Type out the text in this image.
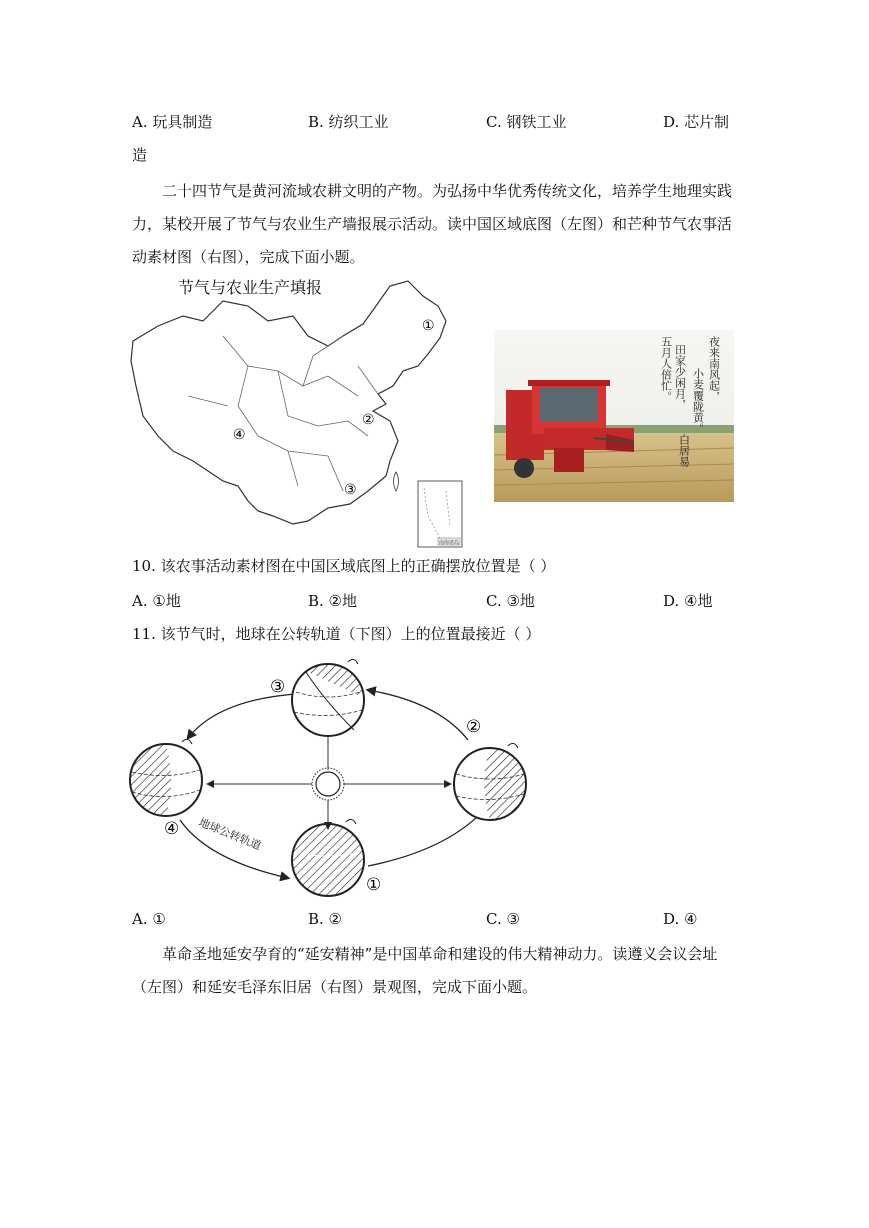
A. 玩具制造	B. 纺织工业	C. 钢铁工业	D. 芯片制
造
二十四节气是黄河流域农耕文明的产物。为弘扬中华优秀传统文化，培养学生地理实践
力，某校开展了节气与农业生产墙报展示活动。读中国区域底图（左图）和芒种节气农事活
动素材图（右图），完成下面小题。
节气与农业生产填报
①
②
③
④
南海诸岛
田家少闲月，
五月人倍忙。	夜来南风起，
小麦覆陇黄。
白居易
10. 该农事活动素材图在中国区域底图上的正确摆放位置是（ ）
A. ①地	B. ②地	C. ③地	D. ④地
11. 该节气时，地球在公转轨道（下图）上的位置最接近（ ）
③
②
④
①
地球公转轨道
A. ①	B. ②	C. ③	D. ④
革命圣地延安孕育的“延安精神”是中国革命和建设的伟大精神动力。读遵义会议会址
（左图）和延安毛泽东旧居（右图）景观图，完成下面小题。
